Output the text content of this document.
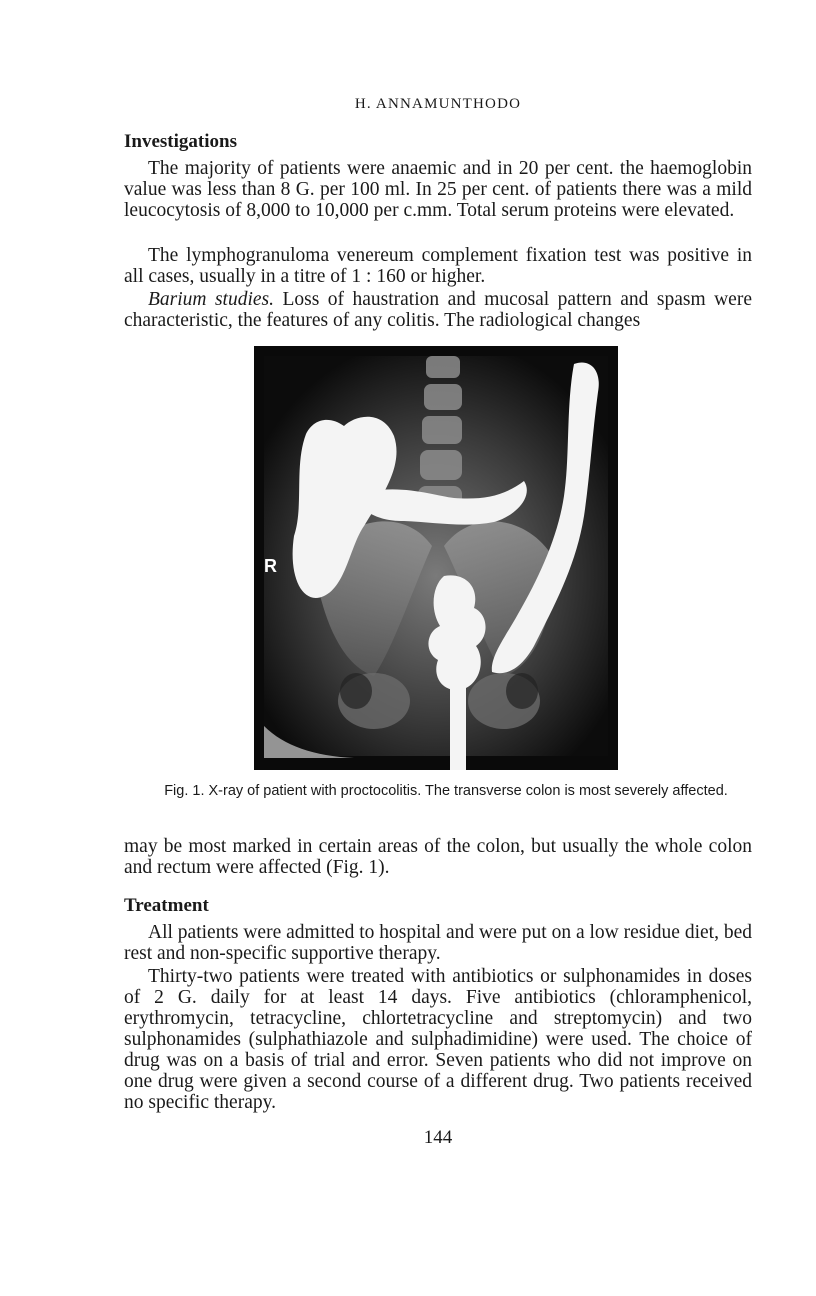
H. ANNAMUNTHODO
Investigations

The majority of patients were anaemic and in 20 per cent. the haemoglobin value was less than 8 G. per 100 ml. In 25 per cent. of patients there was a mild leucocytosis of 8,000 to 10,000 per c.mm. Total serum proteins were elevated.

The lymphogranuloma venereum complement fixation test was positive in all cases, usually in a titre of 1 : 160 or higher.

Barium studies. Loss of haustration and mucosal pattern and spasm were characteristic, the features of any colitis. The radiological changes

R
Fig. 1. X-ray of patient with proctocolitis. The transverse colon is most severely affected.

may be most marked in certain areas of the colon, but usually the whole colon and rectum were affected (Fig. 1).

Treatment

All patients were admitted to hospital and were put on a low residue diet, bed rest and non-specific supportive therapy.

Thirty-two patients were treated with antibiotics or sulphonamides in doses of 2 G. daily for at least 14 days. Five antibiotics (chloramphenicol, erythromycin, tetracycline, chlortetracycline and streptomycin) and two sulphonamides (sulphathiazole and sulphadimidine) were used. The choice of drug was on a basis of trial and error. Seven patients who did not improve on one drug were given a second course of a different drug. Two patients received no specific therapy.

144
